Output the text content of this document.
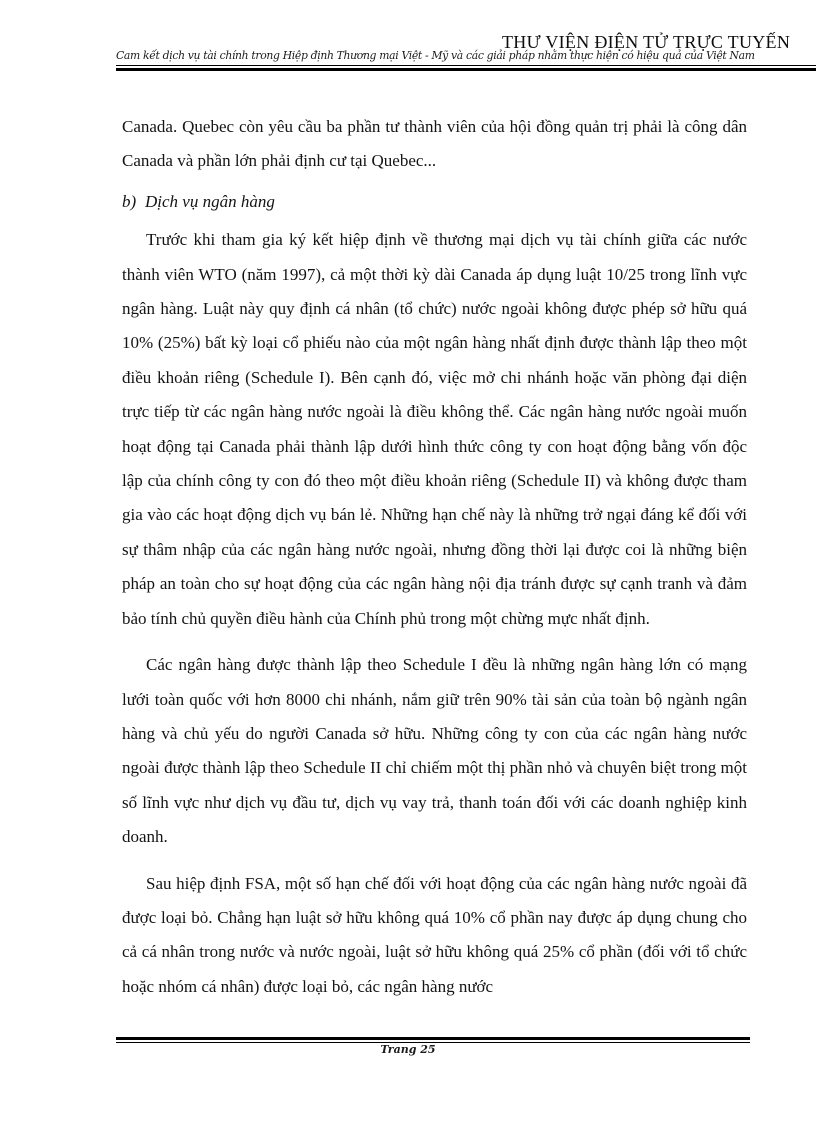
Cam kết dịch vụ tài chính trong Hiệp định Thương mại Việt - Mỹ và các giải pháp nhằm thực hiện có hiệu quả của Việt Nam
THƯ VIỆN ĐIỆN TỬ TRỰC TUYẾN

Canada. Quebec còn yêu cầu ba phần tư thành viên của hội đồng quản trị phải là công dân Canada và phần lớn phải định cư tại Quebec...

b) Dịch vụ ngân hàng

Trước khi tham gia ký kết hiệp định về thương mại dịch vụ tài chính giữa các nước thành viên WTO (năm 1997), cả một thời kỳ dài Canada áp dụng luật 10/25 trong lĩnh vực ngân hàng. Luật này quy định cá nhân (tổ chức) nước ngoài không được phép sở hữu quá 10% (25%) bất kỳ loại cổ phiếu nào của một ngân hàng nhất định được thành lập theo một điều khoản riêng (Schedule I). Bên cạnh đó, việc mở chi nhánh hoặc văn phòng đại diện trực tiếp từ các ngân hàng nước ngoài là điều không thể. Các ngân hàng nước ngoài muốn hoạt động tại Canada phải thành lập dưới hình thức công ty con hoạt động bằng vốn độc lập của chính công ty con đó theo một điều khoản riêng (Schedule II) và không được tham gia vào các hoạt động dịch vụ bán lẻ. Những hạn chế này là những trở ngại đáng kể đối với sự thâm nhập của các ngân hàng nước ngoài, nhưng đồng thời lại được coi là những biện pháp an toàn cho sự hoạt động của các ngân hàng nội địa tránh được sự cạnh tranh và đảm bảo tính chủ quyền điều hành của Chính phủ trong một chừng mực nhất định.

Các ngân hàng được thành lập theo Schedule I đều là những ngân hàng lớn có mạng lưới toàn quốc với hơn 8000 chi nhánh, nắm giữ trên 90% tài sản của toàn bộ ngành ngân hàng và chủ yếu do người Canada sở hữu. Những công ty con của các ngân hàng nước ngoài được thành lập theo Schedule II chỉ chiếm một thị phần nhỏ và chuyên biệt trong một số lĩnh vực như dịch vụ đầu tư, dịch vụ vay trả, thanh toán đối với các doanh nghiệp kinh doanh.

Sau hiệp định FSA, một số hạn chế đối với hoạt động của các ngân hàng nước ngoài đã được loại bỏ. Chẳng hạn luật sở hữu không quá 10% cổ phần nay được áp dụng chung cho cả cá nhân trong nước và nước ngoài, luật sở hữu không quá 25% cổ phần (đối với tổ chức hoặc nhóm cá nhân) được loại bỏ, các ngân hàng nước

Trang 25
